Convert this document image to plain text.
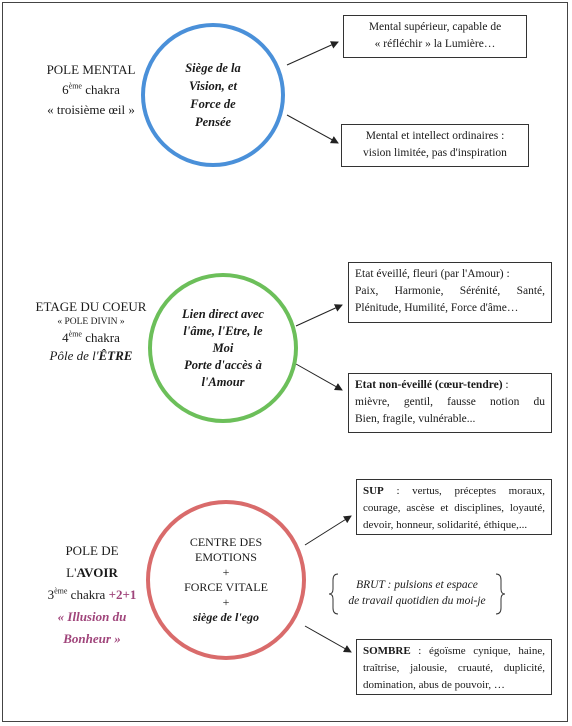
POLE MENTAL
6ème chakra
« troisième œil »
Siège de la
Vision, et
Force de
Pensée
Mental supérieur, capable de
« réfléchir » la Lumière…
Mental et intellect ordinaires :
vision limitée, pas d'inspiration
ETAGE DU COEUR
« POLE DIVIN »
4ème chakra
Pôle de l'ÊTRE
Lien direct avec
l'âme, l'Etre, le
Moi
Porte d'accès à
l'Amour
Etat éveillé, fleuri (par l'Amour) :
Paix, Harmonie, Sérénité, Santé,
Plénitude, Humilité, Force d'âme…
Etat non-éveillé (cœur-tendre) :
mièvre, gentil, fausse notion du
Bien, fragile, vulnérable...
POLE DE
L'AVOIR
3ème chakra +2+1
« Illusion du
Bonheur »
CENTRE DES
EMOTIONS
+
FORCE VITALE
+
siège de l'ego
SUP : vertus, préceptes moraux,
courage, ascèse et disciplines, loyauté,
devoir, honneur, solidarité, éthique,...
BRUT : pulsions et espace
de travail quotidien du moi-je
SOMBRE : égoïsme cynique, haine,
traîtrise, jalousie, cruauté, duplicité,
domination, abus de pouvoir, …
